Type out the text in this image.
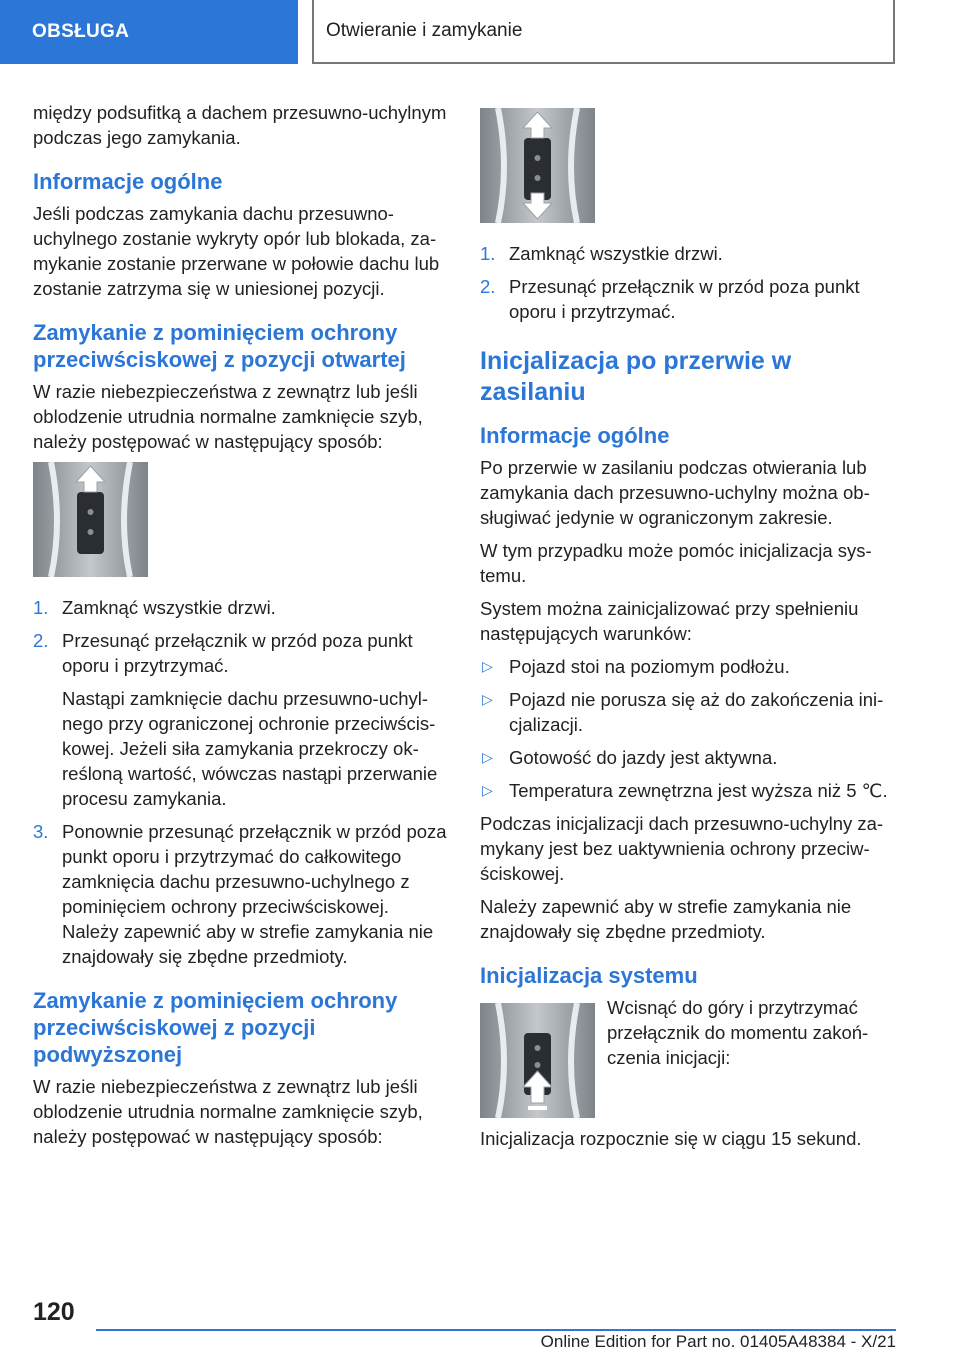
OBSŁUGA	Otwieranie i zamykanie

między podsufitką a dachem przesuwno-uchylnym podczas jego zamykania.

Informacje ogólne

Jeśli podczas zamykania dachu przesuwno-uchylnego zostanie wykryty opór lub blokada, zamykanie zostanie przerwane w połowie dachu lub zostanie zatrzyma się w uniesionej pozycji.

Zamykanie z pominięciem ochrony przeciwściskowej z pozycji otwartej

W razie niebezpieczeństwa z zewnątrz lub jeśli oblodzenie utrudnia normalne zamknięcie szyb, należy postępować w następujący sposób:

1. Zamknąć wszystkie drzwi.
2. Przesunąć przełącznik w przód poza punkt oporu i przytrzymać.
Nastąpi zamknięcie dachu przesuwno-uchylnego przy ograniczonej ochronie przeciwściskowej. Jeżeli siła zamykania przekroczy określoną wartość, wówczas nastąpi przerwanie procesu zamykania.
3. Ponownie przesunąć przełącznik w przód poza punkt oporu i przytrzymać do całkowitego zamknięcia dachu przesuwno-uchylnego z pominięciem ochrony przeciwściskowej. Należy zapewnić aby w strefie zamykania nie znajdowały się zbędne przedmioty.
Zamykanie z pominięciem ochrony przeciwściskowej z pozycji podwyższonej

W razie niebezpieczeństwa z zewnątrz lub jeśli oblodzenie utrudnia normalne zamknięcie szyb, należy postępować w następujący sposób:

1. Zamknąć wszystkie drzwi.
2. Przesunąć przełącznik w przód poza punkt oporu i przytrzymać.
Inicjalizacja po przerwie w zasilaniu
Informacje ogólne

Po przerwie w zasilaniu podczas otwierania lub zamykania dach przesuwno-uchylny można obsługiwać jedynie w ograniczonym zakresie.

W tym przypadku może pomóc inicjalizacja systemu.

System można zainicjalizować przy spełnieniu następujących warunków:

▷ Pojazd stoi na poziomym podłożu.
▷ Pojazd nie porusza się aż do zakończenia inicjalizacji.
▷ Gotowość do jazdy jest aktywna.
▷ Temperatura zewnętrzna jest wyższa niż 5 ℃.

Podczas inicjalizacji dach przesuwno-uchylny zamykany jest bez uaktywnienia ochrony przeciwściskowej.

Należy zapewnić aby w strefie zamykania nie znajdowały się zbędne przedmioty.

Inicjalizacja systemu

Wcisnąć do góry i przytrzymać przełącznik do momentu zakończenia inicjacji:

Inicjalizacja rozpocznie się w ciągu 15 sekund.

120
Online Edition for Part no. 01405A48384 - X/21
